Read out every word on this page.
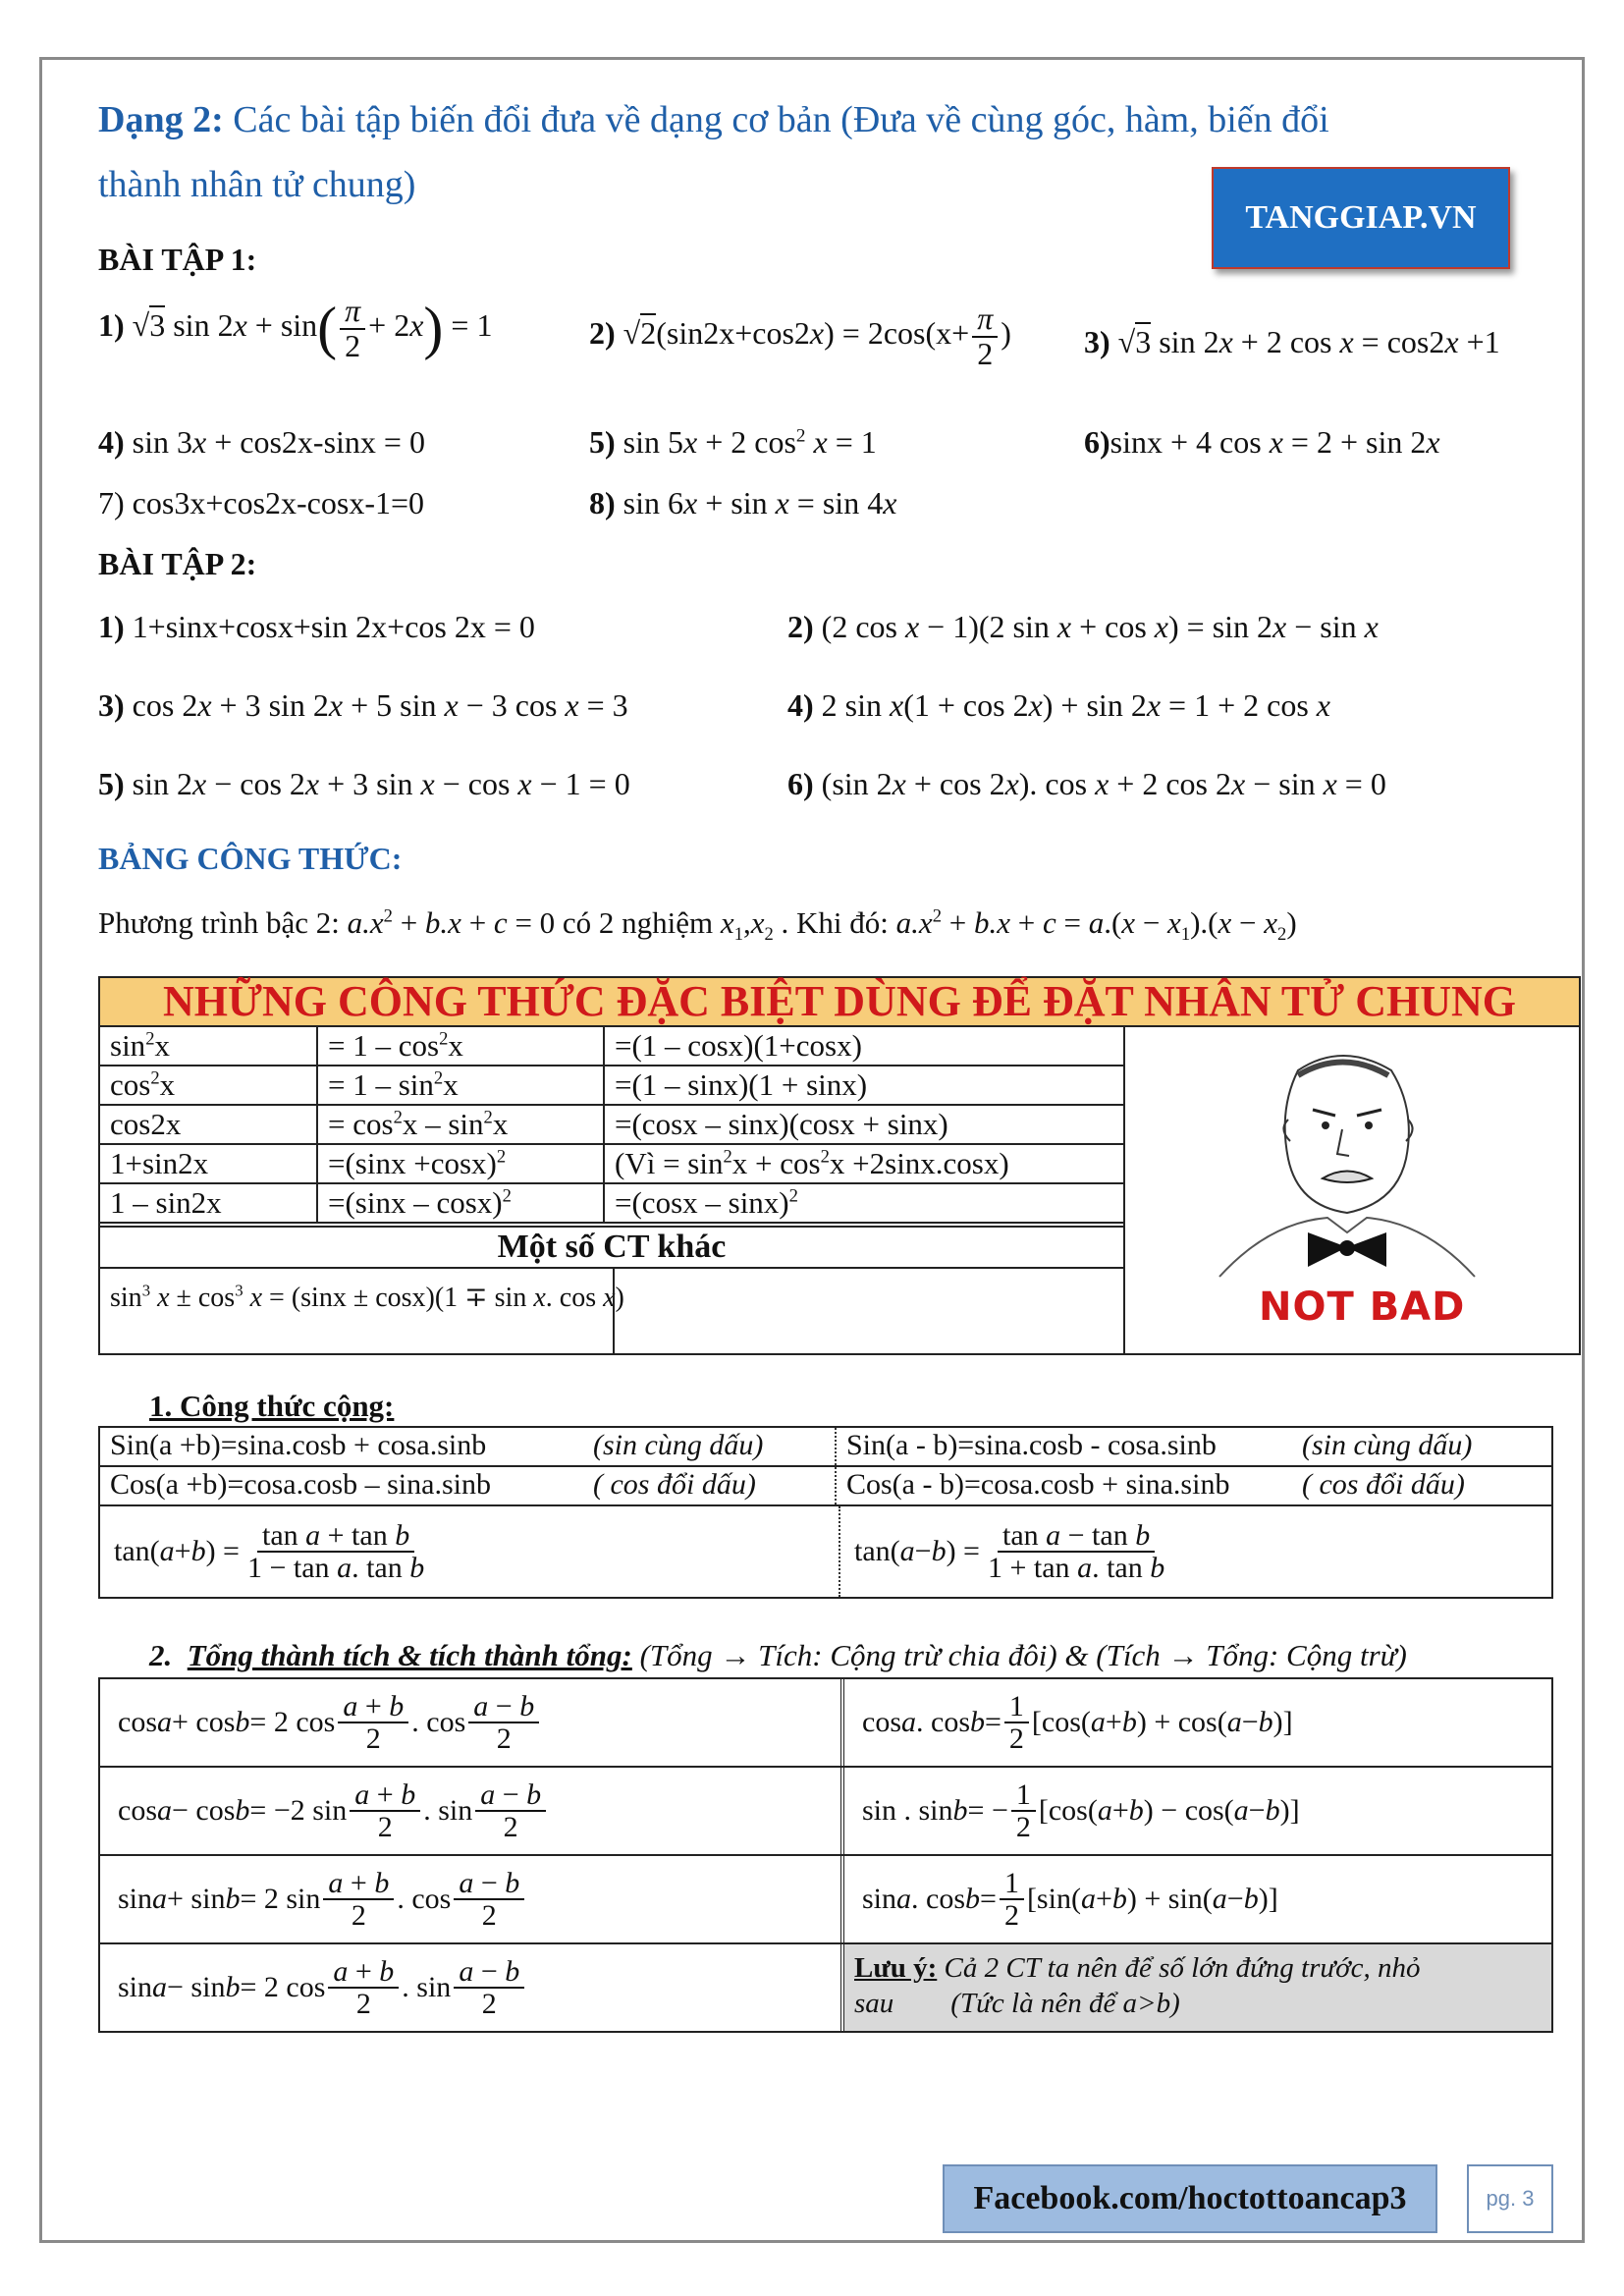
Dạng 2: Các bài tập biến đổi đưa về dạng cơ bản (Đưa về cùng góc, hàm, biến đổi
thành nhân tử chung)
TANGGIAP.VN
BÀI TẬP 1:
1) √3 $\sin 2x + \sin( \frac{\pi}{2} + 2x) = 1$	2) $√2(\sin 2x+\cos 2x) = 2\cos(x+ \frac{\pi}{2}$ ) 3) √3 sin 2x + 2 cos x = cos2x +1
4) sin 3x + cos2x-sinx = 0	5) sin 5x + 2 $\cos^2 x = 1$	6)sinx + 4 cos x = 2 + sin 2x
7) cos3x+cos2x-cosx-1=0	8) sin 6x + sin x = sin 4x
BÀI TẬP 2:
1) 1+sinx+cosx+sin 2x+cos 2x = 0	2) (2 cos x − 1)(2 sin x + cos x) = sin 2x − sin x
3) cos 2x + 3 sin 2x + 5 sin x − 3 cos x = 3	4) 2 sin x(1 + cos 2x) + sin 2x = 1 + 2 cos x
5) sin 2x − cos 2x + 3 sin x − cos x − 1 = 0	6) (sin 2x + cos 2x). cos x + 2 cos 2x − sin x = 0
BẢNG CÔNG THỨC:
Phương trình bậc 2: $a.x^2 + b.x + c = 0$ có 2 nghiệm $x_1,x_2$ . Khi đó: $a.x^2 + b.x + c = a.(x - x_1).(x - x_2)$
NHỮNG CÔNG THỨC ĐẶC BIỆT DÙNG ĐỂ ĐẶT NHÂN TỬ CHUNG
$\sin^2x$	= $1 - \cos^2x$	=(1 – cosx)(1+cosx)
$\cos^2x$	= $1 - \sin^2x$	=(1 – sinx)(1 + sinx)
cos2x	= $\cos^2x - \sin^2x$	=(cosx – sinx)(cosx + sinx)
1+sin2x	$=(\sin x +\cos x)^2$	(Vì = $\sin^2x + \cos^2x +2\sin x.\cos x$)
1 – sin2x	=(sinx – cosx)$^2$	=(cosx – sinx)$^2$
Một số CT khác
$\sin^3 x \pm \cos^3 x = (\sin x \pm \cos x)(1 \mp \sin x$. cos x)	NOT BAD
1. Công thức cộng:
Sin(a +b)=sina.cosb + cosa.sinb	(sin cùng dấu)	Sin(a - b)=sina.cosb - cosa.sinb	(sin cùng dấu)
Cos(a +b)=cosa.cosb – sina.sinb	( cos đổi dấu)	Cos(a - b)=cosa.cosb + sina.sinb ( cos đổi dấu)
tan( a + b ) = $\frac{\text{tan a + tan b}}{\text{1 − tan a. tan b}}$	tan( a − b ) = $\frac{\text{tan a − tan b}}{\text{1 + tan a. tan b}}$
2. Tổng thành tích & tích thành tổng: (Tổng → Tích: Cộng trừ chia đôi) & (Tích → Tổng: Cộng trừ)
cos a + cos b = 2 $\cos \frac{a + b}{2}$ . $\cos \frac{a - b}{2}$	cos a . $\cos b = \frac{1}{2} [\cos$( a + b ) + cos( a − b )]
cos a − cos b = −2 $\sin \frac{a + b}{2}$ . $\sin \frac{a - b}{2}$	sin . sin b = − $\frac{1}{2} [\cos$( a + b ) − cos( a − b )]
sin a + sin b = 2 $\sin \frac{a + b}{2}$ . $\cos \frac{a - b}{2}$	sin a . $\cos b = \frac{1}{2} [\sin$( a + b ) + sin( a − b )]
sin a − sin b = 2 $\cos \frac{a + b}{2}$ . $\sin \frac{a - b}{2}$	Lưu ý: Cả 2 CT ta nên để số lớn đứng trước, nhỏ
sau        (Tức là nên để a>b)
Facebook.com/hoctottoancap3	pg. 3
